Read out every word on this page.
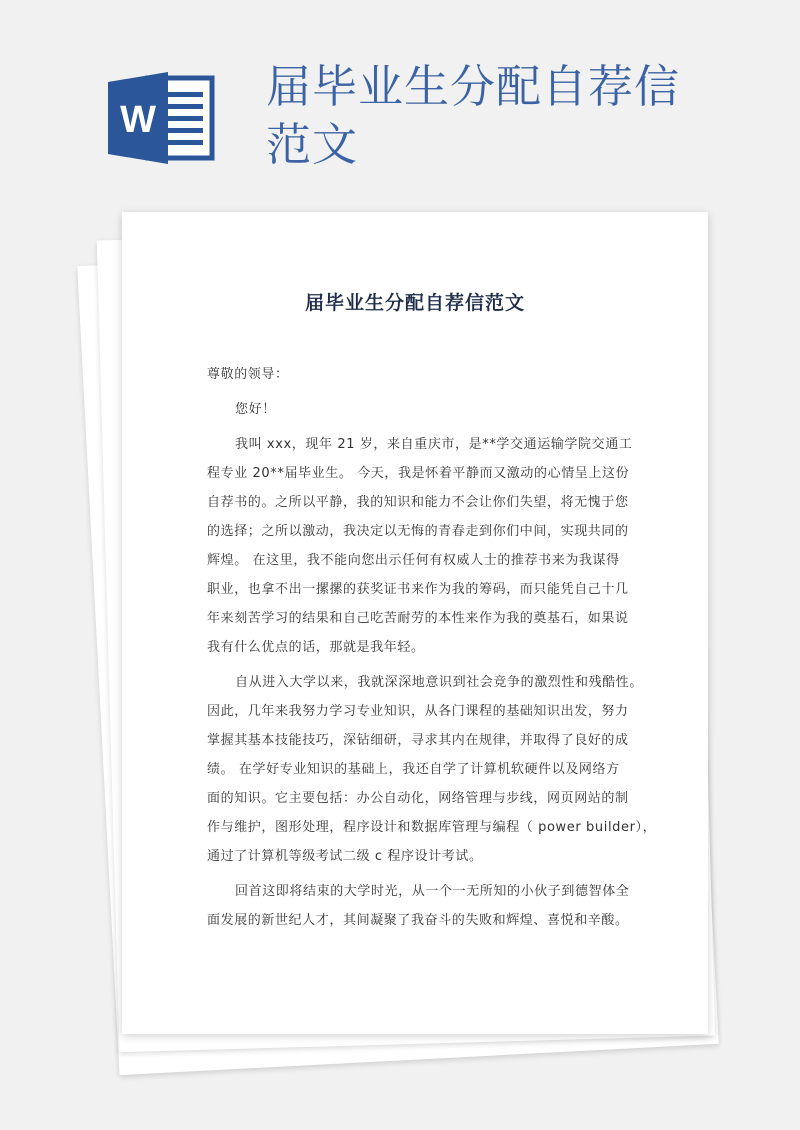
W
届毕业生分配自荐信范文
届毕业生分配自荐信范文

尊敬的领导：

您好！

我叫 xxx，现年 21 岁，来自重庆市，是**学交通运输学院交通工

程专业 20**届毕业生。 今天，我是怀着平静而又激动的心情呈上这份

自荐书的。之所以平静，我的知识和能力不会让你们失望，将无愧于您

的选择；之所以激动，我决定以无悔的青春走到你们中间，实现共同的

辉煌。 在这里，我不能向您出示任何有权威人士的推荐书来为我谋得

职业，也拿不出一摞摞的获奖证书来作为我的筹码，而只能凭自己十几

年来刻苦学习的结果和自己吃苦耐劳的本性来作为我的奠基石，如果说

我有什么优点的话，那就是我年轻。

自从进入大学以来，我就深深地意识到社会竞争的激烈性和残酷性。

因此，几年来我努力学习专业知识，从各门课程的基础知识出发，努力

掌握其基本技能技巧，深钻细研，寻求其内在规律，并取得了良好的成

绩。 在学好专业知识的基础上，我还自学了计算机软硬件以及网络方

面的知识。它主要包括：办公自动化，网络管理与步线，网页网站的制

作与维护，图形处理，程序设计和数据库管理与编程（ power builder），

通过了计算机等级考试二级 c 程序设计考试。

回首这即将结束的大学时光，从一个一无所知的小伙子到德智体全

面发展的新世纪人才，其间凝聚了我奋斗的失败和辉煌、喜悦和辛酸。
